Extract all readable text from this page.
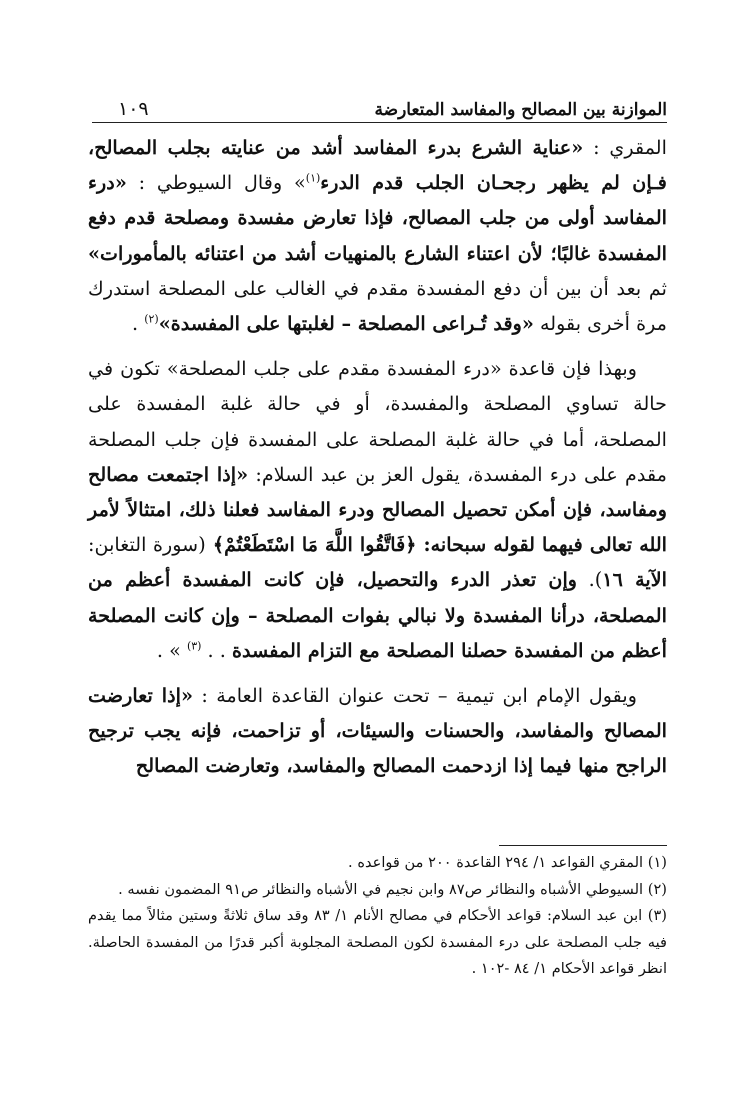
الموازنة بين المصالح والمفاسد المتعارضة
١٠٩

المقري : «عناية الشرع بدرء المفاسد أشد من عنايته بجلب المصالح، فـإن لم يظهر رجحـان الجلب قدم الدرء$^{(١)}$» وقال السيوطي : «درء المفاسد أولى من جلب المصالح، فإذا تعارض مفسدة ومصلحة قدم دفع المفسدة غالبًا؛ لأن اعتناء الشارع بالمنهيات أشد من اعتنائه بالمأمورات» ثم بعد أن بين أن دفع المفسدة مقدم في الغالب على المصلحة استدرك مرة أخرى بقوله «وقد تُـراعى المصلحة – لغلبتها على المفسدة»$^{(٢)}$ .

وبهذا فإن قاعدة «درء المفسدة مقدم على جلب المصلحة» تكون في حالة تساوي المصلحة والمفسدة، أو في حالة غلبة المفسدة على المصلحة، أما في حالة غلبة المصلحة على المفسدة فإن جلب المصلحة مقدم على درء المفسدة، يقول العز بن عبد السلام: «إذا اجتمعت مصالح ومفاسد، فإن أمكن تحصيل المصالح ودرء المفاسد فعلنا ذلك، امتثالاً لأمر الله تعالى فيهما لقوله سبحانه: ﴿فَاتَّقُوا اللَّهَ مَا اسْتَطَعْتُمْ﴾ (سورة التغابن: الآية ١٦). وإن تعذر الدرء والتحصيل، فإن كانت المفسدة أعظم من المصلحة، درأنا المفسدة ولا نبالي بفوات المصلحة – وإن كانت المصلحة أعظم من المفسدة حصلنا المصلحة مع التزام المفسدة . . $^{(٣)}$ » .

ويقول الإمام ابن تيمية – تحت عنوان القاعدة العامة : «إذا تعارضت المصالح والمفاسد، والحسنات والسيئات، أو تزاحمت، فإنه يجب ترجيح الراجح منها فيما إذا ازدحمت المصالح والمفاسد، وتعارضت المصالح

(١) المقري القواعد ١/ ٢٩٤ القاعدة ٢٠٠ من قواعده .

(٢) السيوطي الأشباه والنظائر ص٨٧ وابن نجيم في الأشباه والنظائر ص٩١ المضمون نفسه .

(٣) ابن عبد السلام: قواعد الأحكام في مصالح الأنام ١/ ٨٣ وقد ساق ثلاثةً وستين مثالاً مما يقدم فيه جلب المصلحة على درء المفسدة لكون المصلحة المجلوبة أكبر قدرًا من المفسدة الحاصلة. انظر قواعد الأحكام ١/ ٨٤ -١٠٢ .
